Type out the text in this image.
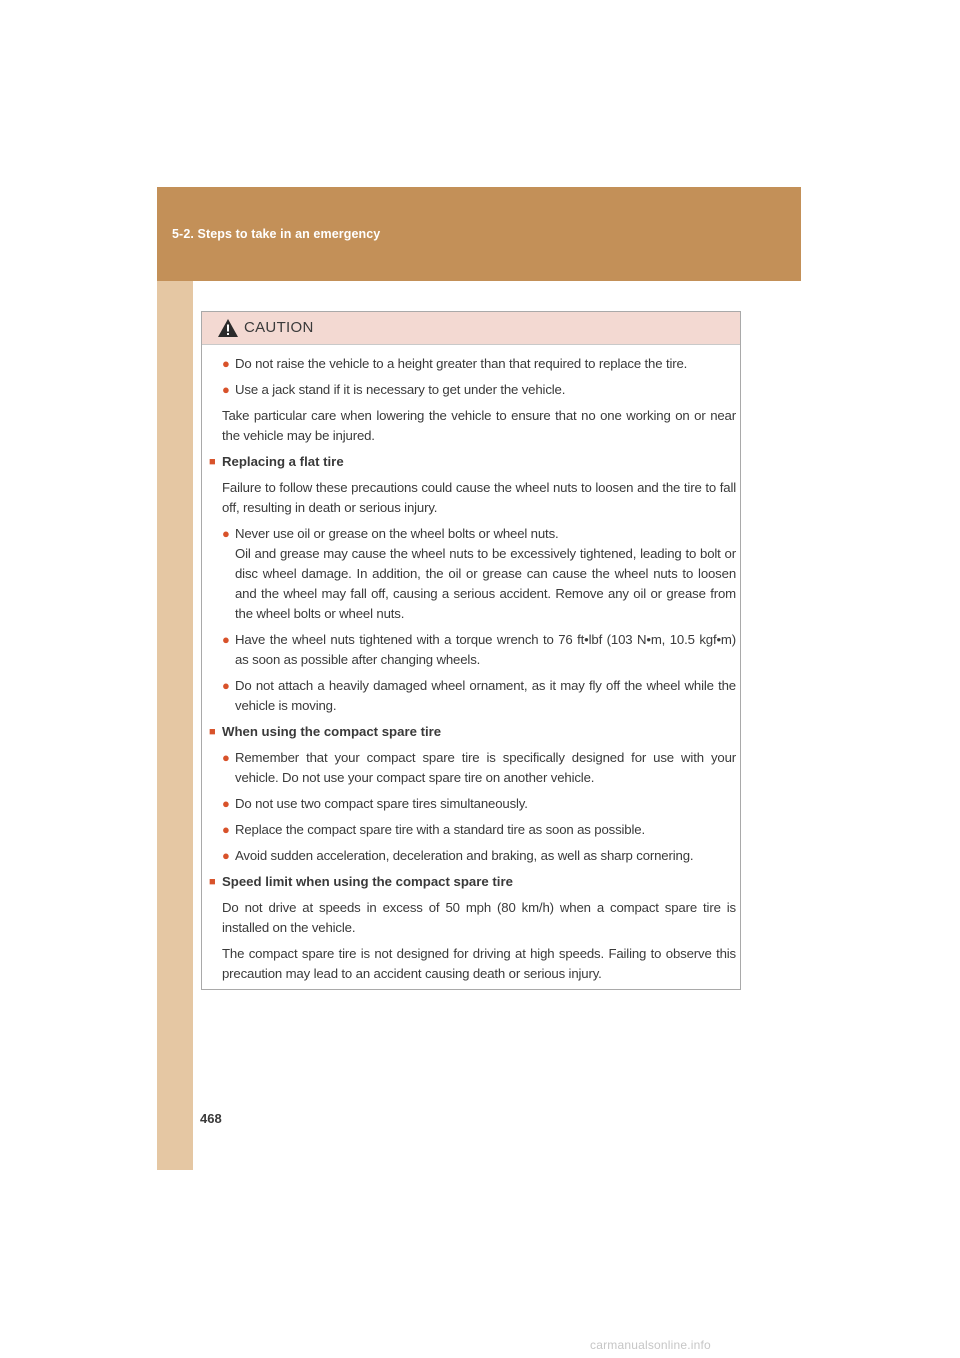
5-2. Steps to take in an emergency
CAUTION
● Do not raise the vehicle to a height greater than that required to replace the tire.
● Use a jack stand if it is necessary to get under the vehicle.
Take particular care when lowering the vehicle to ensure that no one working on or near the vehicle may be injured.
■ Replacing a flat tire
Failure to follow these precautions could cause the wheel nuts to loosen and the tire to fall off, resulting in death or serious injury.
● Never use oil or grease on the wheel bolts or wheel nuts.
Oil and grease may cause the wheel nuts to be excessively tightened, leading to bolt or disc wheel damage. In addition, the oil or grease can cause the wheel nuts to loosen and the wheel may fall off, causing a serious accident. Remove any oil or grease from the wheel bolts or wheel nuts.
● Have the wheel nuts tightened with a torque wrench to 76 ft•lbf (103 N•m, 10.5 kgf•m) as soon as possible after changing wheels.
● Do not attach a heavily damaged wheel ornament, as it may fly off the wheel while the vehicle is moving.
■ When using the compact spare tire
● Remember that your compact spare tire is specifically designed for use with your vehicle. Do not use your compact spare tire on another vehicle.
● Do not use two compact spare tires simultaneously.
● Replace the compact spare tire with a standard tire as soon as possible.
● Avoid sudden acceleration, deceleration and braking, as well as sharp cornering.
■ Speed limit when using the compact spare tire
Do not drive at speeds in excess of 50 mph (80 km/h) when a compact spare tire is installed on the vehicle.
The compact spare tire is not designed for driving at high speeds. Failing to observe this precaution may lead to an accident causing death or serious injury.
468
carmanualsonline.info
